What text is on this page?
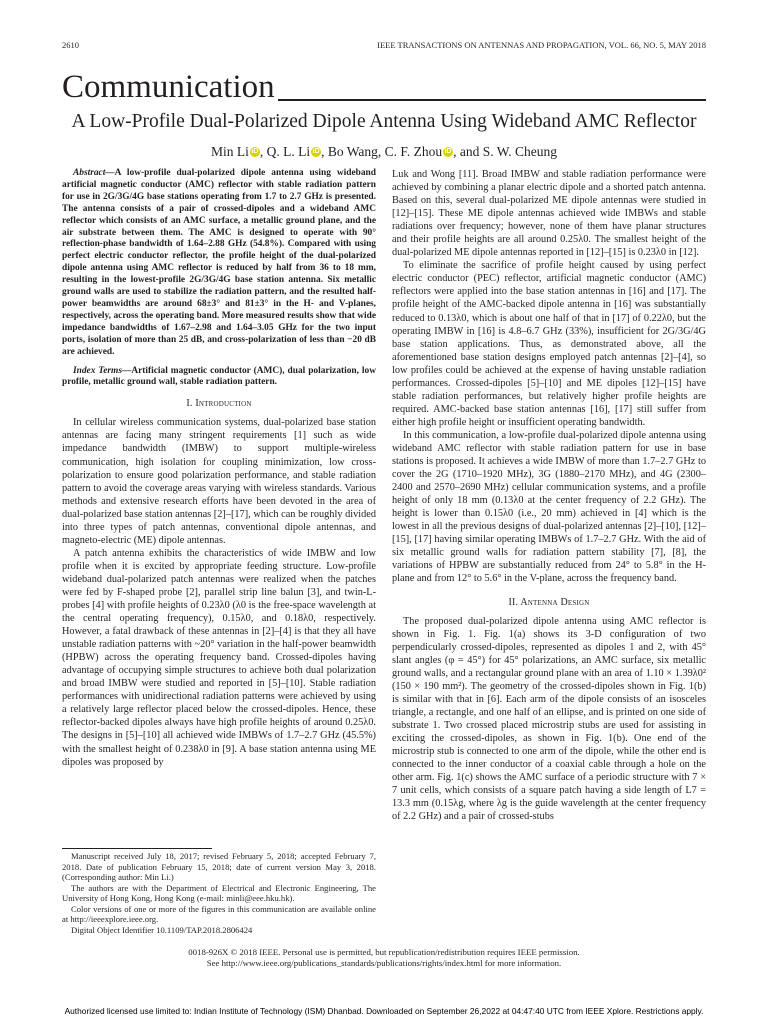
2610	IEEE TRANSACTIONS ON ANTENNAS AND PROPAGATION, VOL. 66, NO. 5, MAY 2018
Communication
A Low-Profile Dual-Polarized Dipole Antenna Using Wideband AMC Reflector
Min Li iD , Q. L. Li iD , Bo Wang, C. F. Zhou iD , and S. W. Cheung

Abstract—A low-profile dual-polarized dipole antenna using wideband artificial magnetic conductor (AMC) reflector with stable radiation pattern for use in 2G/3G/4G base stations operating from 1.7 to 2.7 GHz is presented. The antenna consists of a pair of crossed-dipoles and a wideband AMC reflector which consists of an AMC surface, a metallic ground plane, and the air substrate between them. The AMC is designed to operate with 90° reflection-phase bandwidth of 1.64–2.88 GHz (54.8%). Compared with using perfect electric conductor reflector, the profile height of the dual-polarized dipole antenna using AMC reflector is reduced by half from 36 to 18 mm, resulting in the lowest-profile 2G/3G/4G base station antenna. Six metallic ground walls are used to stabilize the radiation pattern, and the resulted half-power beamwidths are around 68±3° and 81±3° in the H- and V-planes, respectively, across the operating band. More measured results show that wide impedance bandwidths of 1.67–2.98 and 1.64–3.05 GHz for the two input ports, isolation of more than 25 dB, and cross-polarization of less than −20 dB are achieved.

Index Terms—Artificial magnetic conductor (AMC), dual polarization, low profile, metallic ground wall, stable radiation pattern.

I. Introduction

In cellular wireless communication systems, dual-polarized base station antennas are facing many stringent requirements [1] such as wide impedance bandwidth (IMBW) to support multiple-wireless communication, high isolation for coupling minimization, low cross-polarization to ensure good polarization performance, and stable radiation pattern to avoid the coverage areas varying with wireless standards. Various methods and extensive research efforts have been devoted in the area of dual-polarized base station antennas [2]–[17], which can be roughly divided into three types of patch antennas, conventional dipole antennas, and magneto-electric (ME) dipole antennas.

A patch antenna exhibits the characteristics of wide IMBW and low profile when it is excited by appropriate feeding structure. Low-profile wideband dual-polarized patch antennas were realized when the patches were fed by F-shaped probe [2], parallel strip line balun [3], and twin-L-probes [4] with profile heights of 0.23λ0 (λ0 is the free-space wavelength at the central operating frequency), 0.15λ0, and 0.18λ0, respectively. However, a fatal drawback of these antennas in [2]–[4] is that they all have unstable radiation patterns with ~20° variation in the half-power beamwidth (HPBW) across the operating frequency band. Crossed-dipoles having advantage of occupying simple structures to achieve both dual polarization and broad IMBW were studied and reported in [5]–[10]. Stable radiation performances with unidirectional radiation patterns were achieved by using a relatively large reflector placed below the crossed-dipoles. Hence, these reflector-backed dipoles always have high profile heights of around 0.25λ0. The designs in [5]–[10] all achieved wide IMBWs of 1.7–2.7 GHz (45.5%) with the smallest height of 0.238λ0 in [9]. A base station antenna using ME dipoles was proposed by

Luk and Wong [11]. Broad IMBW and stable radiation performance were achieved by combining a planar electric dipole and a shorted patch antenna. Based on this, several dual-polarized ME dipole antennas were studied in [12]–[15]. These ME dipole antennas achieved wide IMBWs and stable radiations over frequency; however, none of them have planar structures and their profile heights are all around 0.25λ0. The smallest height of the dual-polarized ME dipole antennas reported in [12]–[15] is 0.23λ0 in [12].

To eliminate the sacrifice of profile height caused by using perfect electric conductor (PEC) reflector, artificial magnetic conductor (AMC) reflectors were applied into the base station antennas in [16] and [17]. The profile height of the AMC-backed dipole antenna in [16] was substantially reduced to 0.13λ0, which is about one half of that in [17] of 0.22λ0, but the operating IMBW in [16] is 4.8–6.7 GHz (33%), insufficient for 2G/3G/4G base station applications. Thus, as demonstrated above, all the aforementioned base station designs employed patch antennas [2]–[4], so low profiles could be achieved at the expense of having unstable radiation performances. Crossed-dipoles [5]–[10] and ME dipoles [12]–[15] have stable radiation performances, but relatively higher profile heights are required. AMC-backed base station antennas [16], [17] still suffer from either high profile height or insufficient operating bandwidth.

In this communication, a low-profile dual-polarized dipole antenna using wideband AMC reflector with stable radiation pattern for use in base stations is proposed. It achieves a wide IMBW of more than 1.7–2.7 GHz to cover the 2G (1710–1920 MHz), 3G (1880–2170 MHz), and 4G (2300–2400 and 2570–2690 MHz) cellular communication systems, and a profile height of only 18 mm (0.13λ0 at the center frequency of 2.2 GHz). The height is lower than 0.15λ0 (i.e., 20 mm) achieved in [4] which is the lowest in all the previous designs of dual-polarized antennas [2]–[10], [12]–[15], [17] having similar operating IMBWs of 1.7–2.7 GHz. With the aid of six metallic ground walls for radiation pattern stability [7], [8], the variations of HPBW are substantially reduced from 24° to 5.8° in the H-plane and from 12° to 5.6° in the V-plane, across the frequency band.

II. Antenna Design

The proposed dual-polarized dipole antenna using AMC reflector is shown in Fig. 1. Fig. 1(a) shows its 3-D configuration of two perpendicularly crossed-dipoles, represented as dipoles 1 and 2, with 45° slant angles (φ = 45°) for 45° polarizations, an AMC surface, six metallic ground walls, and a rectangular ground plane with an area of 1.10 × 1.39λ0² (150 × 190 mm²). The geometry of the crossed-dipoles shown in Fig. 1(b) is similar with that in [6]. Each arm of the dipole consists of an isosceles triangle, a rectangle, and one half of an ellipse, and is printed on one side of substrate 1. Two crossed placed microstrip stubs are used for assisting in exciting the crossed-dipoles, as shown in Fig. 1(b). One end of the microstrip stub is connected to one arm of the dipole, while the other end is connected to the inner conductor of a coaxial cable through a hole on the other arm. Fig. 1(c) shows the AMC surface of a periodic structure with 7 × 7 unit cells, which consists of a square patch having a side length of L7 = 13.3 mm (0.15λg, where λg is the guide wavelength at the center frequency of 2.2 GHz) and a pair of crossed-stubs

Manuscript received July 18, 2017; revised February 5, 2018; accepted February 7, 2018. Date of publication February 15, 2018; date of current version May 3, 2018. (Corresponding author: Min Li.)

The authors are with the Department of Electrical and Electronic Engineering, The University of Hong Kong, Hong Kong (e-mail: minli@eee.hku.hk).

Color versions of one or more of the figures in this communication are available online at http://ieeexplore.ieee.org.

Digital Object Identifier 10.1109/TAP.2018.2806424

0018-926X © 2018 IEEE. Personal use is permitted, but republication/redistribution requires IEEE permission.
See http://www.ieee.org/publications_standards/publications/rights/index.html for more information.
Authorized licensed use limited to: Indian Institute of Technology (ISM) Dhanbad. Downloaded on September 26,2022 at 04:47:40 UTC from IEEE Xplore. Restrictions apply.
